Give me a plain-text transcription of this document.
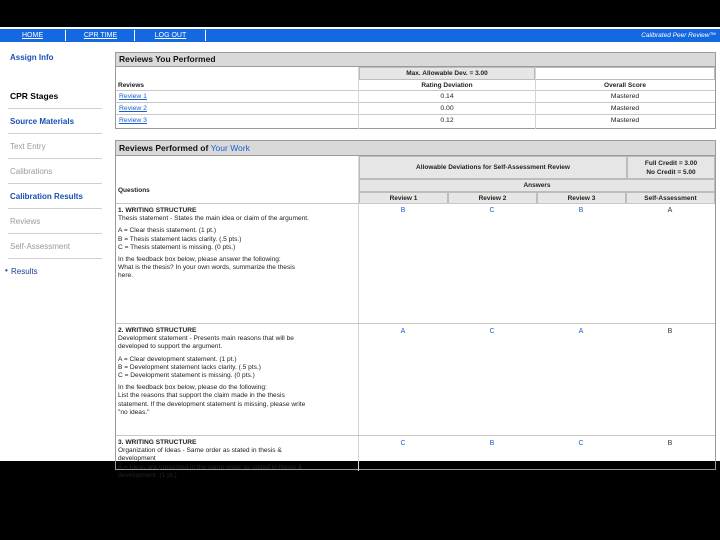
HOME	CPR TIME	LOG OUT	Calibrated Peer Review™
Assign Info
CPR Stages
Source Materials
Text Entry
Calibrations
Calibration Results
Reviews
Self-Assessment
• Results
Reviews You Performed
Max. Allowable Dev. = 3.00
Reviews	Rating Deviation	Overall Score
Review 1	0.14	Mastered
Review 2	0.00	Mastered
Review 3	0.12	Mastered
Reviews Performed of Your Work
Allowable Deviations for Self-Assessment Review
Full Credit = 3.00
No Credit = 5.00
Answers
Questions
Review 1	Review 2	Review 3	Self-Assessment
1. WRITING STRUCTURE
Thesis statement - States the main idea or claim of the argument.
A = Clear thesis statement. (1 pt.)
B = Thesis statement lacks clarity. (.5 pts.)
C = Thesis statement is missing. (0 pts.)
In the feedback box below, please answer the following:
What is the thesis? In your own words, summarize the thesis
here.
B	C	B	A
2. WRITING STRUCTURE
Development statement - Presents main reasons that will be
developed to support the argument.
A = Clear development statement. (1 pt.)
B = Development statement lacks clarity. (.5 pts.)
C = Development statement is missing. (0 pts.)
In the feedback box below, please do the following:
List the reasons that support the claim made in the thesis
statement. If the development statement is missing, please write
"no ideas."
A	C	A	B
3. WRITING STRUCTURE
Organization of Ideas - Same order as stated in thesis &
development
A = Ideas are presented in the same order as stated in thesis &
development. (1 pt.)
C	B	C	B
